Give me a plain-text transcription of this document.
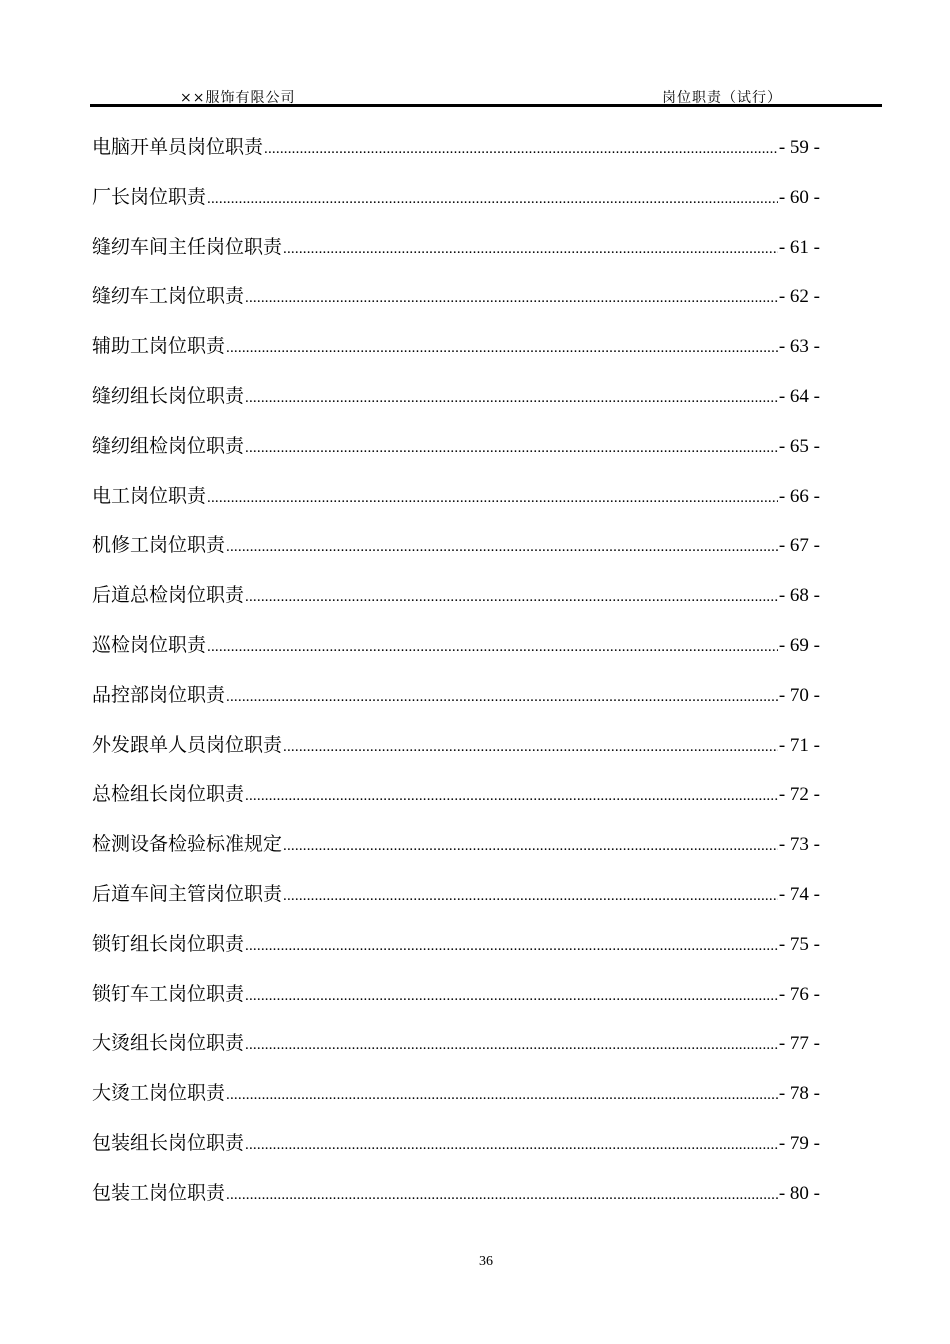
××服饰有限公司	岗位职责（试行）
电脑开单员岗位职责 .....	- 59 -
厂长岗位职责 .....	- 60 -
缝纫车间主任岗位职责 .....	- 61 -
缝纫车工岗位职责 .....	- 62 -
辅助工岗位职责 .....	- 63 -
缝纫组长岗位职责 .....	- 64 -
缝纫组检岗位职责 .....	- 65 -
电工岗位职责 .....	- 66 -
机修工岗位职责 .....	- 67 -
后道总检岗位职责 .....	- 68 -
巡检岗位职责 .....	- 69 -
品控部岗位职责 .....	- 70 -
外发跟单人员岗位职责 .....	- 71 -
总检组长岗位职责 .....	- 72 -
检测设备检验标准规定 .....	- 73 -
后道车间主管岗位职责 .....	- 74 -
锁钉组长岗位职责 .....	- 75 -
锁钉车工岗位职责 .....	- 76 -
大烫组长岗位职责 .....	- 77 -
大烫工岗位职责 .....	- 78 -
包装组长岗位职责 .....	- 79 -
包装工岗位职责 .....	- 80 -
36
